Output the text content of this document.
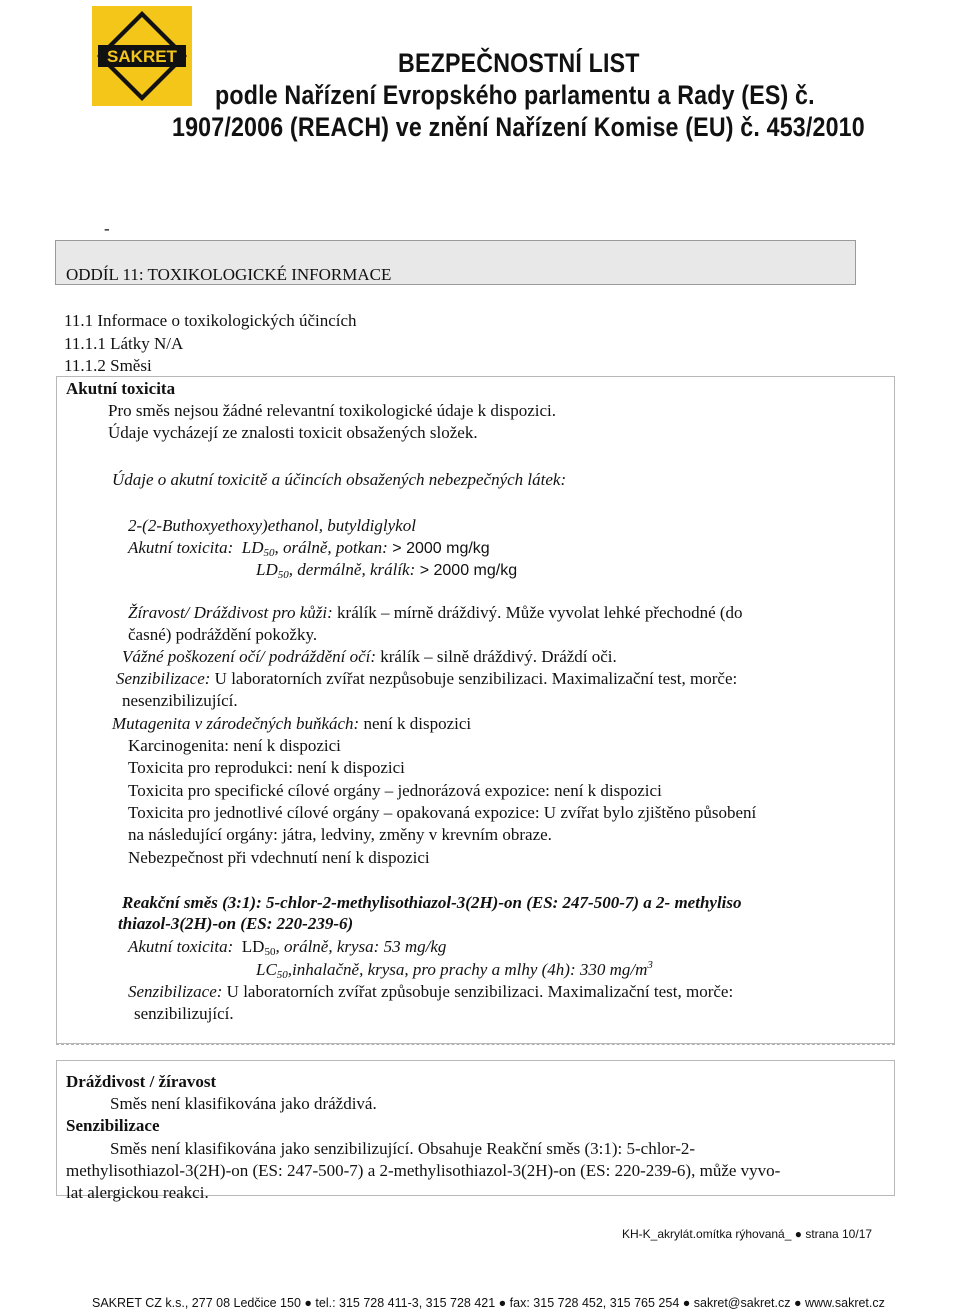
SAKRET	BEZPEČNOSTNÍ LIST
podle Nařízení Evropského parlamentu a Rady (ES) č.
1907/2006 (REACH) ve znění Nařízení Komise (EU) č. 453/2010
-
ODDÍL 11: TOXIKOLOGICKÉ INFORMACE
11.1 Informace o toxikologických účincích
11.1.1 Látky N/A
11.1.2 Směsi
Akutní toxicita
Pro směs nejsou žádné relevantní toxikologické údaje k dispozici.
Údaje vycházejí ze znalosti toxicit obsažených složek.
Údaje o akutní toxicitě a účincích obsažených nebezpečných látek:
2-(2-Buthoxyethoxy)ethanol, butyldiglykol
Akutní toxicita: $LD_{50}$, orálně, potkan: > 2000 mg/kg
$LD_{50}$, dermálně, králík: > 2000 mg/kg
Žíravost/ Dráždivost pro kůži: králík – mírně dráždivý. Může vyvolat lehké přechodné (do
časné) podráždění pokožky.
Vážné poškození očí/ podráždění očí: králík – silně dráždivý. Dráždí oči.
Senzibilizace: U laboratorních zvířat nezpůsobuje senzibilizaci. Maximalizační test, morče:
nesenzibilizující.
Mutagenita v zárodečných buňkách: není k dispozici
Karcinogenita: není k dispozici
Toxicita pro reprodukci: není k dispozici
Toxicita pro specifické cílové orgány – jednorázová expozice: není k dispozici
Toxicita pro jednotlivé cílové orgány – opakovaná expozice: U zvířat bylo zjištěno působení
na následující orgány: játra, ledviny, změny v krevním obraze.
Nebezpečnost při vdechnutí není k dispozici
Reakční směs (3:1): 5-chlor-2-methylisothiazol-3(2H)-on (ES: 247-500-7) a 2- methyliso
thiazol-3(2H)-on (ES: 220-239-6)
Akutní toxicita: $LD_{50}$, orálně, krysa: 53 mg/kg
$LC_{50},inhalačně$, krysa, pro prachy a mlhy (4h): 330 $mg/m^3$
Senzibilizace: U laboratorních zvířat způsobuje senzibilizaci. Maximalizační test, morče:
senzibilizující.
Dráždivost / žíravost
Směs není klasifikována jako dráždivá.
Senzibilizace
Směs není klasifikována jako senzibilizující. Obsahuje Reakční směs (3:1): 5-chlor-2-
methylisothiazol-3(2H)-on (ES: 247-500-7) a 2-methylisothiazol-3(2H)-on (ES: 220-239-6), může vyvo-
lat alergickou reakci.
KH-K_akrylát.omítka rýhovaná_ ● strana 10/17
SAKRET CZ k.s., 277 08 Ledčice 150 ● tel.: 315 728 411-3, 315 728 421 ● fax: 315 728 452, 315 765 254 ● sakret@sakret.cz ● www.sakret.cz
